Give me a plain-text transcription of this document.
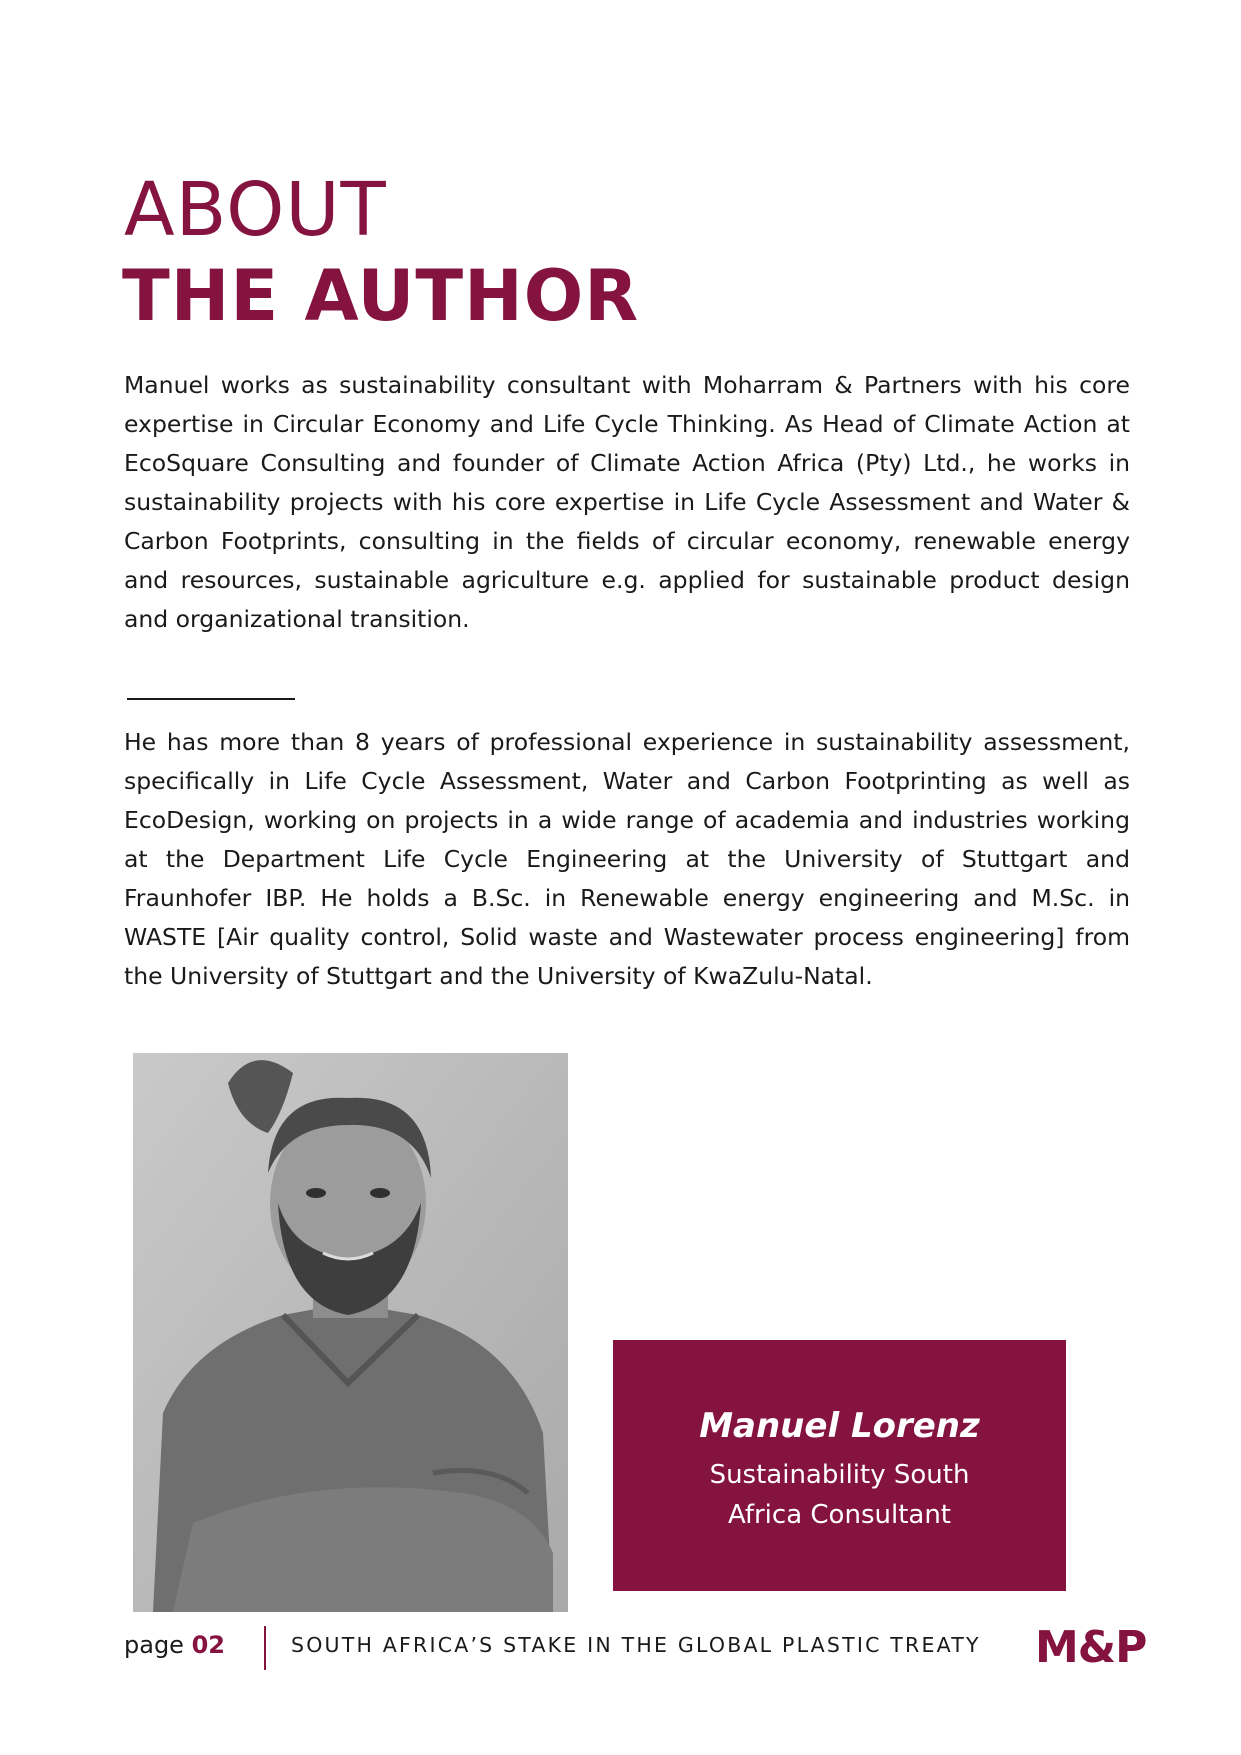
ABOUT
THE AUTHOR

Manuel works as sustainability consultant with Moharram & Partners with his core expertise in Circular Economy and Life Cycle Thinking. As Head of Climate Action at EcoSquare Consulting and founder of Climate Action Africa (Pty) Ltd., he works in sustainability projects with his core expertise in Life Cycle Assessment and Water & Carbon Footprints, consulting in the fields of circular economy, renewable energy and resources, sustainable agriculture e.g. applied for sustainable product design and organizational transition.

He has more than 8 years of professional experience in sustainability assessment, specifically in Life Cycle Assessment, Water and Carbon Footprinting as well as EcoDesign, working on projects in a wide range of academia and industries working at the Department Life Cycle Engineering at the University of Stuttgart and Fraunhofer IBP. He holds a B.Sc. in Renewable energy engineering and M.Sc. in WASTE [Air quality control, Solid waste and Wastewater process engineering] from the University of Stuttgart and the University of KwaZulu-Natal.

Manuel Lorenz
Sustainability South
Africa Consultant
page 02	SOUTH AFRICA’S STAKE IN THE GLOBAL PLASTIC TREATY M&P
